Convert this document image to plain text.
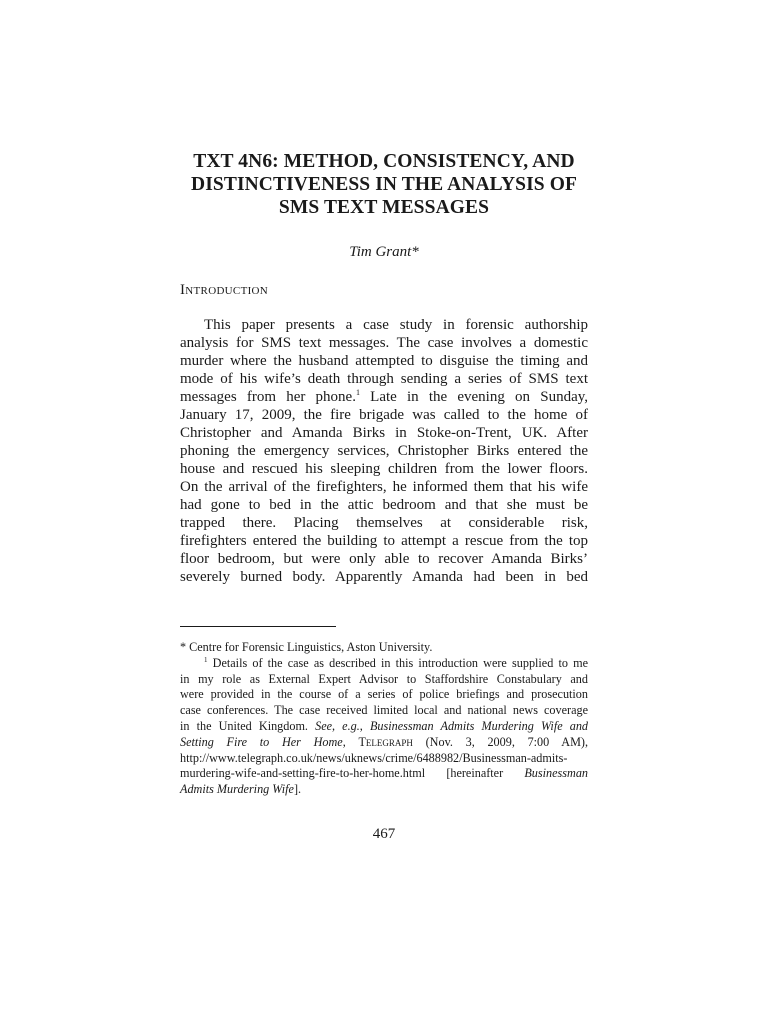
TXT 4N6: METHOD, CONSISTENCY, AND
DISTINCTIVENESS IN THE ANALYSIS OF
SMS TEXT MESSAGES
Tim Grant*
Introduction
This paper presents a case study in forensic authorship
analysis for SMS text messages. The case involves a domestic
murder where the husband attempted to disguise the timing and
mode of his wife’s death through sending a series of SMS text
messages from her phone.$^1$ Late in the evening on Sunday,
January 17, 2009, the fire brigade was called to the home of
Christopher and Amanda Birks in Stoke-on-Trent, UK. After
phoning the emergency services, Christopher Birks entered the
house and rescued his sleeping children from the lower floors.
On the arrival of the firefighters, he informed them that his wife
had gone to bed in the attic bedroom and that she must be
trapped there. Placing themselves at considerable risk,
firefighters entered the building to attempt a rescue from the top
floor bedroom, but were only able to recover Amanda Birks’
severely burned body. Apparently Amanda had been in bed
* Centre for Forensic Linguistics, Aston University.
$^1$ Details of the case as described in this introduction were supplied to me
in my role as External Expert Advisor to Staffordshire Constabulary and
were provided in the course of a series of police briefings and prosecution
case conferences. The case received limited local and national news coverage
in the United Kingdom. See, e.g., Businessman Admits Murdering Wife and
Setting Fire to Her Home, Telegraph (Nov. 3, 2009, 7:00 AM),
http://www.telegraph.co.uk/news/uknews/crime/6488982/Businessman-admits-
murdering-wife-and-setting-fire-to-her-home.html [hereinafter Businessman
Admits Murdering Wife].
467
